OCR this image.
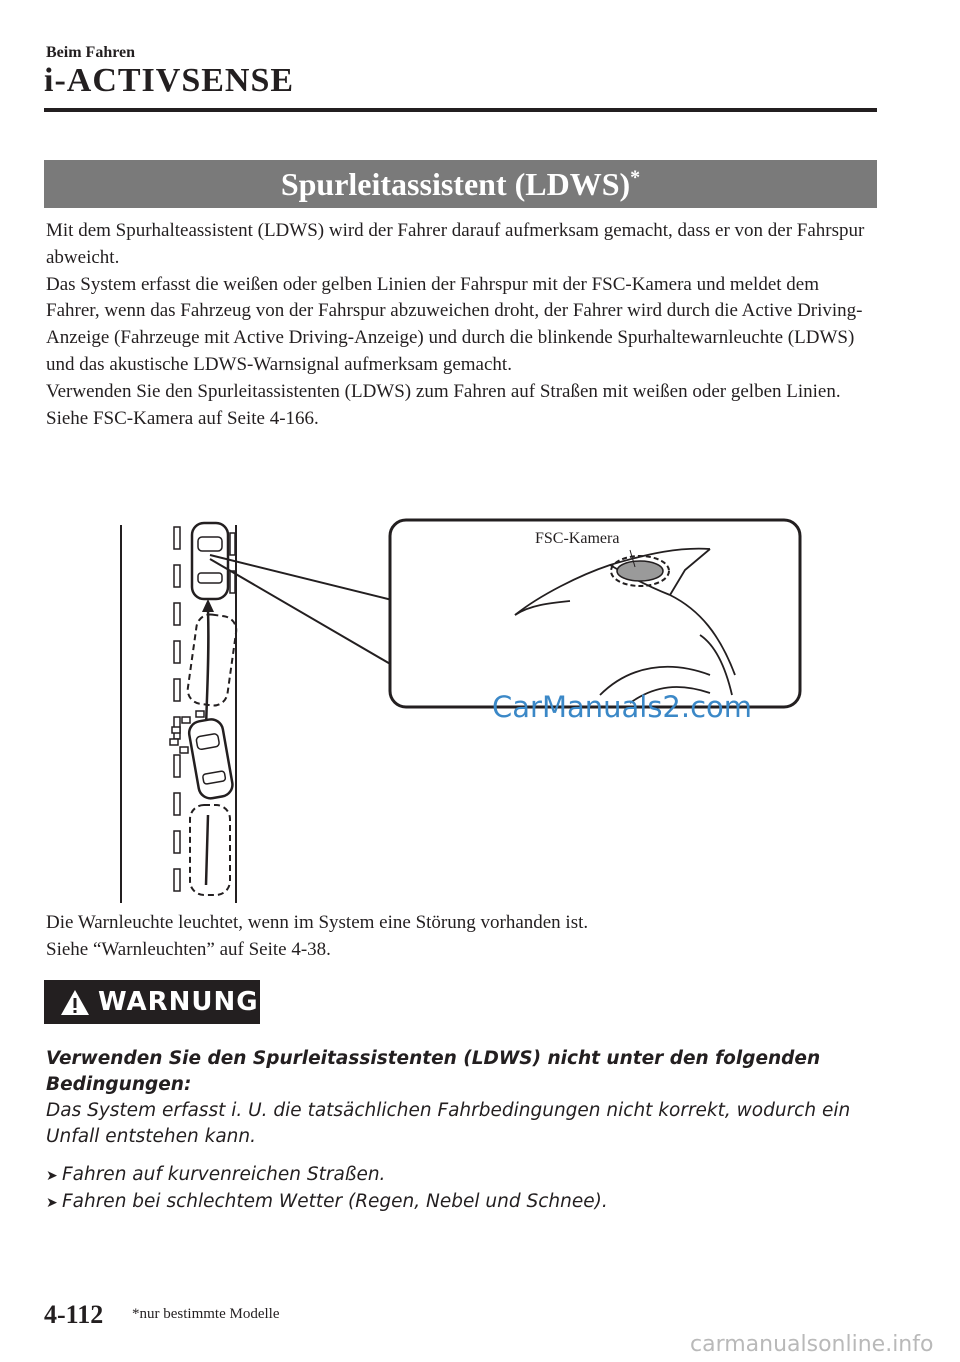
Beim Fahren
i-ACTIVSENSE
Spurleitassistent (LDWS)*

Mit dem Spurhalteassistent (LDWS) wird der Fahrer darauf aufmerksam gemacht, dass er von der Fahrspur abweicht.

Das System erfasst die weißen oder gelben Linien der Fahrspur mit der FSC-Kamera und meldet dem Fahrer, wenn das Fahrzeug von der Fahrspur abzuweichen droht, der Fahrer wird durch die Active Driving-Anzeige (Fahrzeuge mit Active Driving-Anzeige) und durch die blinkende Spurhaltewarnleuchte (LDWS) und das akustische LDWS-Warnsignal aufmerksam gemacht.

Verwenden Sie den Spurleitassistenten (LDWS) zum Fahren auf Straßen mit weißen oder gelben Linien.

Siehe FSC-Kamera auf Seite 4-166.

FSC-Kamera
CarManuals2.com

Die Warnleuchte leuchtet, wenn im System eine Störung vorhanden ist.

Siehe “Warnleuchten” auf Seite 4-38.

WARNUNG

Verwenden Sie den Spurleitassistenten (LDWS) nicht unter den folgenden Bedingungen:

Das System erfasst i. U. die tatsächlichen Fahrbedingungen nicht korrekt, wodurch ein Unfall entstehen kann.

➤ Fahren auf kurvenreichen Straßen.
➤ Fahren bei schlechtem Wetter (Regen, Nebel und Schnee).
4-112 *nur bestimmte Modelle
carmanualsonline.info
